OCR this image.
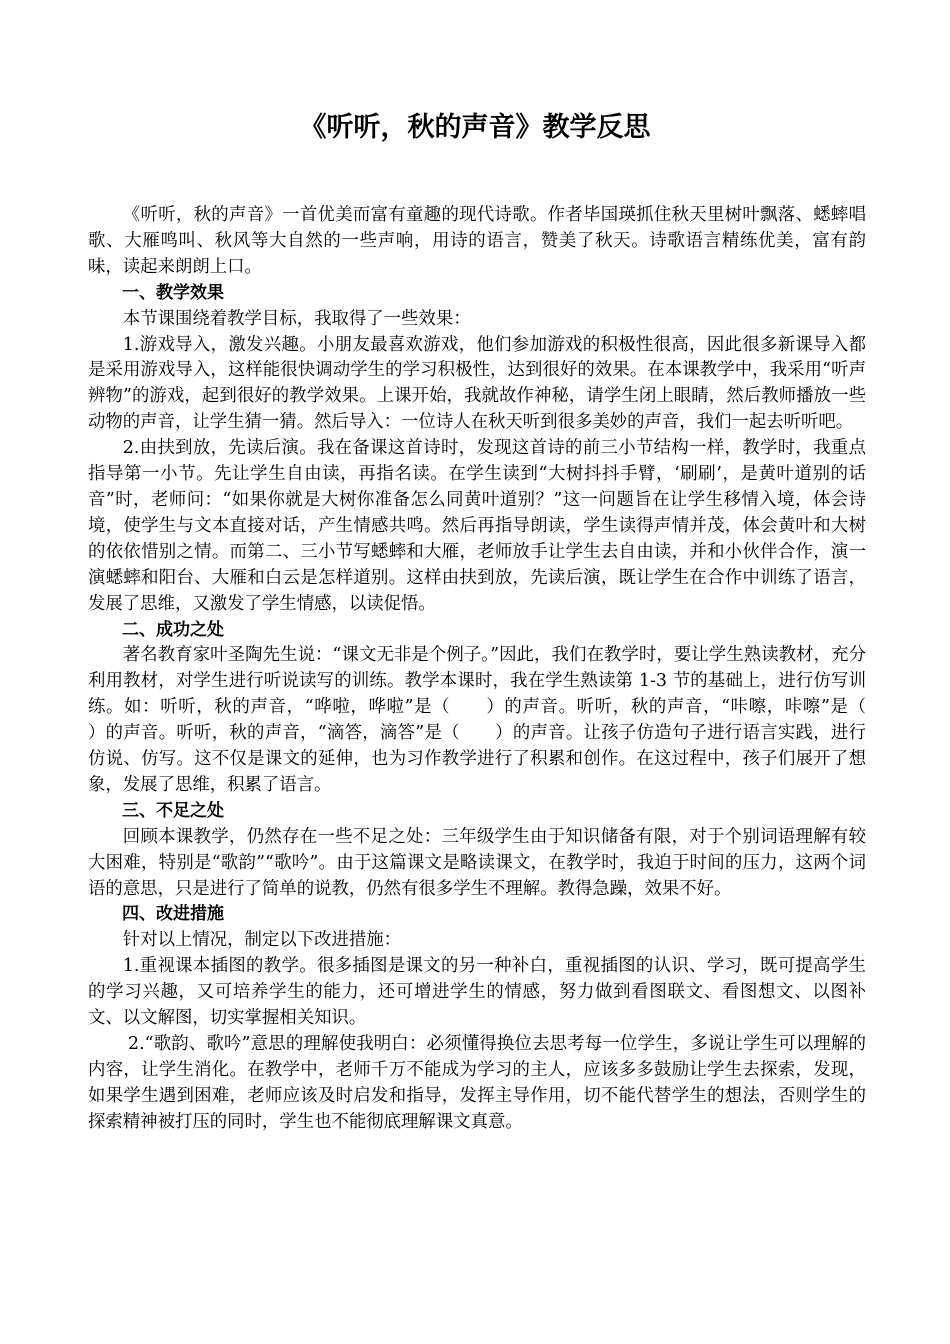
《听听，秋的声音》教学反思

《听听，秋的声音》一首优美而富有童趣的现代诗歌。作者毕国瑛抓住秋天里树叶飘落、蟋蟀唱歌、大雁鸣叫、秋风等大自然的一些声响，用诗的语言，赞美了秋天。诗歌语言精练优美，富有韵味，读起来朗朗上口。

一、教学效果

本节课围绕着教学目标，我取得了一些效果：

1.游戏导入，激发兴趣。小朋友最喜欢游戏，他们参加游戏的积极性很高，因此很多新课导入都是采用游戏导入，这样能很快调动学生的学习积极性，达到很好的效果。在本课教学中，我采用“听声辨物”的游戏，起到很好的教学效果。上课开始，我就故作神秘，请学生闭上眼睛，然后教师播放一些动物的声音，让学生猜一猜。然后导入：一位诗人在秋天听到很多美妙的声音，我们一起去听听吧。

2.由扶到放，先读后演。我在备课这首诗时，发现这首诗的前三小节结构一样，教学时，我重点指导第一小节。先让学生自由读，再指名读。在学生读到“大树抖抖手臂，‘刷刷’，是黄叶道别的话音”时，老师问：“如果你就是大树你准备怎么同黄叶道别？”这一问题旨在让学生移情入境，体会诗境，使学生与文本直接对话，产生情感共鸣。然后再指导朗读，学生读得声情并茂，体会黄叶和大树的依依惜别之情。而第二、三小节写蟋蟀和大雁，老师放手让学生去自由读，并和小伙伴合作，演一演蟋蟀和阳台、大雁和白云是怎样道别。这样由扶到放，先读后演，既让学生在合作中训练了语言，发展了思维，又激发了学生情感，以读促悟。

二、成功之处

著名教育家叶圣陶先生说：“课文无非是个例子。”因此，我们在教学时，要让学生熟读教材，充分利用教材，对学生进行听说读写的训练。教学本课时，我在学生熟读第 1-3 节的基础上，进行仿写训练。如：听听，秋的声音，“哗啦，哗啦”是（　　）的声音。听听，秋的声音，“咔嚓，咔嚓”是（　　）的声音。听听，秋的声音，“滴答，滴答”是（　　）的声音。让孩子仿造句子进行语言实践，进行仿说、仿写。这不仅是课文的延伸，也为习作教学进行了积累和创作。在这过程中，孩子们展开了想象，发展了思维，积累了语言。

三、不足之处

回顾本课教学，仍然存在一些不足之处：三年级学生由于知识储备有限，对于个别词语理解有较大困难，特别是“歌韵”“歌吟”。由于这篇课文是略读课文，在教学时，我迫于时间的压力，这两个词语的意思，只是进行了简单的说教，仍然有很多学生不理解。教得急躁，效果不好。

四、改进措施

针对以上情况，制定以下改进措施：

1.重视课本插图的教学。很多插图是课文的另一种补白，重视插图的认识、学习，既可提高学生的学习兴趣，又可培养学生的能力，还可增进学生的情感，努力做到看图联文、看图想文、以图补文、以文解图，切实掌握相关知识。

2.“歌韵、歌吟”意思的理解使我明白：必须懂得换位去思考每一位学生，多说让学生可以理解的内容，让学生消化。在教学中，老师千万不能成为学习的主人，应该多多鼓励让学生去探索，发现，如果学生遇到困难，老师应该及时启发和指导，发挥主导作用，切不能代替学生的想法，否则学生的探索精神被打压的同时，学生也不能彻底理解课文真意。
